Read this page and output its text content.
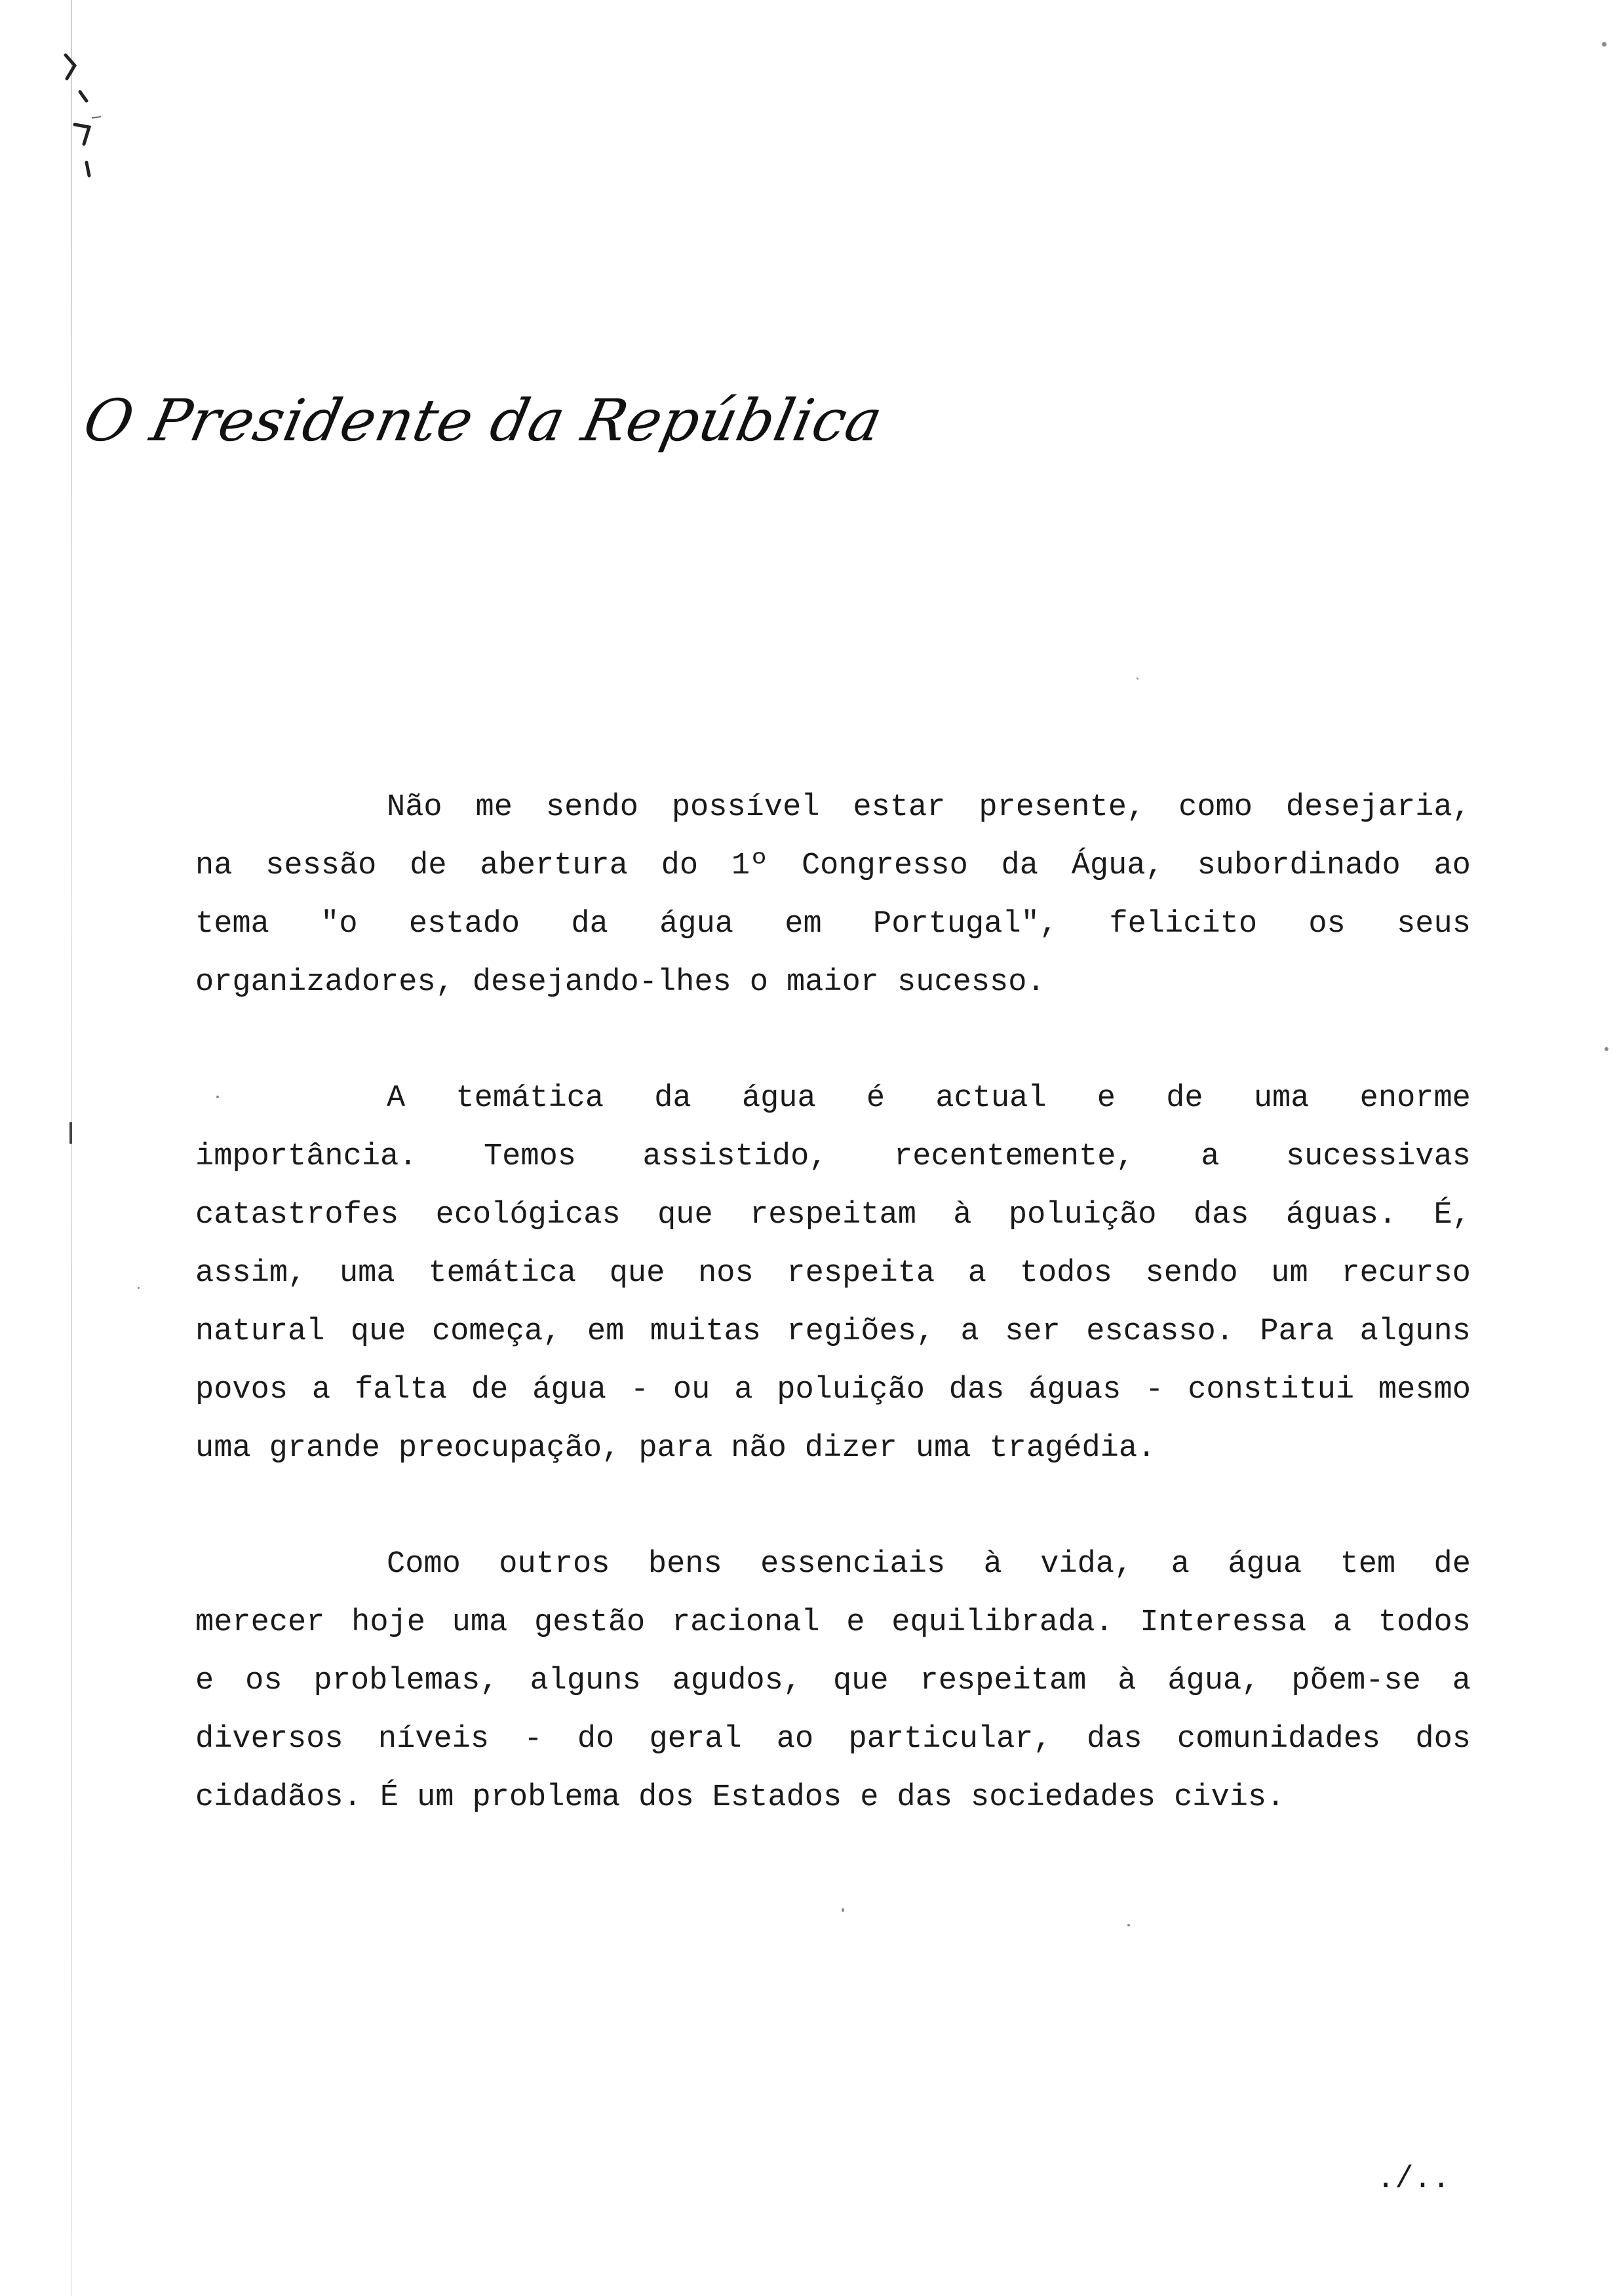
O Presidente da República
Não me sendo possível estar presente, como desejaria,
na sessão de abertura do 1º Congresso da Água, subordinado ao
tema "o estado da água em Portugal", felicito os seus
organizadores, desejando-lhes o maior sucesso.
A temática da água é actual e de uma enorme
importância. Temos assistido, recentemente, a sucessivas
catastrofes ecológicas que respeitam à poluição das águas. É,
assim, uma temática que nos respeita a todos sendo um recurso
natural que começa, em muitas regiões, a ser escasso. Para alguns
povos a falta de água - ou a poluição das águas - constitui mesmo
uma grande preocupação, para não dizer uma tragédia.
Como outros bens essenciais à vida, a água tem de
merecer hoje uma gestão racional e equilibrada. Interessa a todos
e os problemas, alguns agudos, que respeitam à água, põem-se a
diversos níveis - do geral ao particular, das comunidades dos
cidadãos. É um problema dos Estados e das sociedades civis.
./..
